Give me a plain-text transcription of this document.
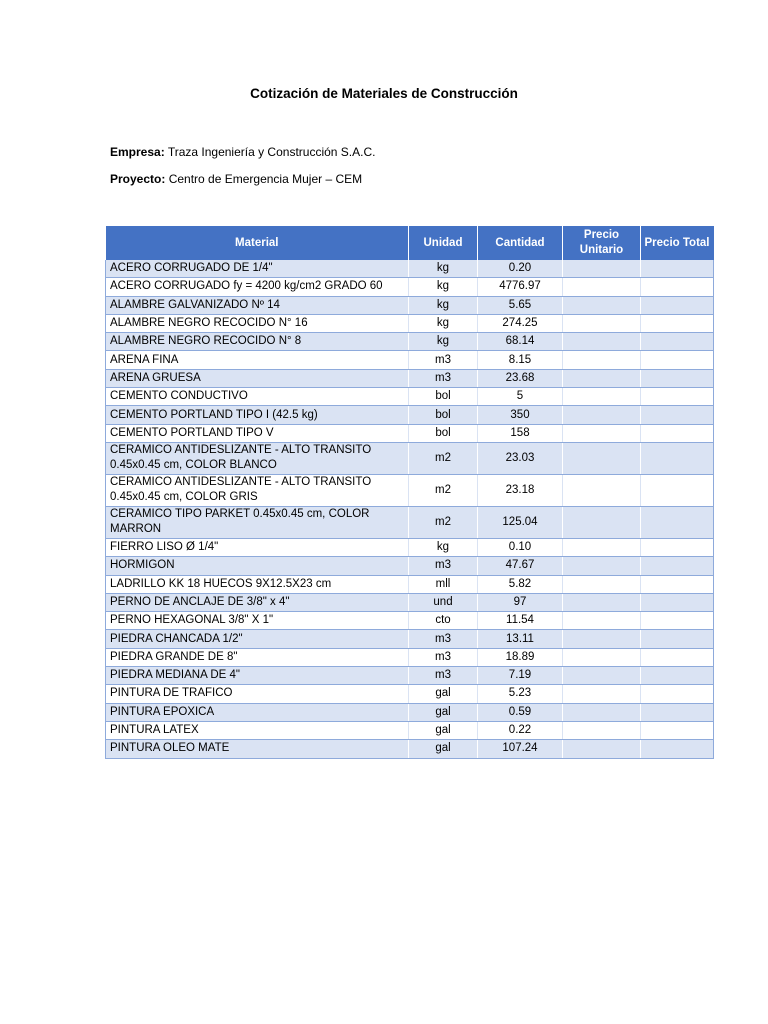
Cotización de Materiales de Construcción
Empresa: Traza Ingeniería y Construcción S.A.C.
Proyecto: Centro de Emergencia Mujer – CEM
Material	Unidad	Cantidad	Precio Unitario	Precio Total
ACERO CORRUGADO DE 1/4"	kg	0.20		
ACERO CORRUGADO fy = 4200 kg/cm2 GRADO 60	kg	4776.97		
ALAMBRE GALVANIZADO Nº 14	kg	5.65		
ALAMBRE NEGRO RECOCIDO N° 16	kg	274.25		
ALAMBRE NEGRO RECOCIDO N° 8	kg	68.14		
ARENA FINA	m3	8.15		
ARENA GRUESA	m3	23.68		
CEMENTO CONDUCTIVO	bol	5		
CEMENTO PORTLAND TIPO I (42.5 kg)	bol	350		
CEMENTO PORTLAND TIPO V	bol	158		
CERAMICO ANTIDESLIZANTE - ALTO TRANSITO 0.45x0.45 cm, COLOR BLANCO	m2	23.03		
CERAMICO ANTIDESLIZANTE - ALTO TRANSITO 0.45x0.45 cm, COLOR GRIS	m2	23.18		
CERAMICO TIPO PARKET 0.45x0.45 cm, COLOR MARRON	m2	125.04		
FIERRO LISO Ø 1/4"	kg	0.10		
HORMIGON	m3	47.67		
LADRILLO KK 18 HUECOS 9X12.5X23 cm	mll	5.82		
PERNO DE ANCLAJE DE 3/8" x 4"	und	97		
PERNO HEXAGONAL 3/8" X 1"	cto	11.54		
PIEDRA CHANCADA 1/2"	m3	13.11		
PIEDRA GRANDE DE 8"	m3	18.89		
PIEDRA MEDIANA DE 4"	m3	7.19		
PINTURA DE TRAFICO	gal	5.23		
PINTURA EPOXICA	gal	0.59		
PINTURA LATEX	gal	0.22		
PINTURA OLEO MATE	gal	107.24		
